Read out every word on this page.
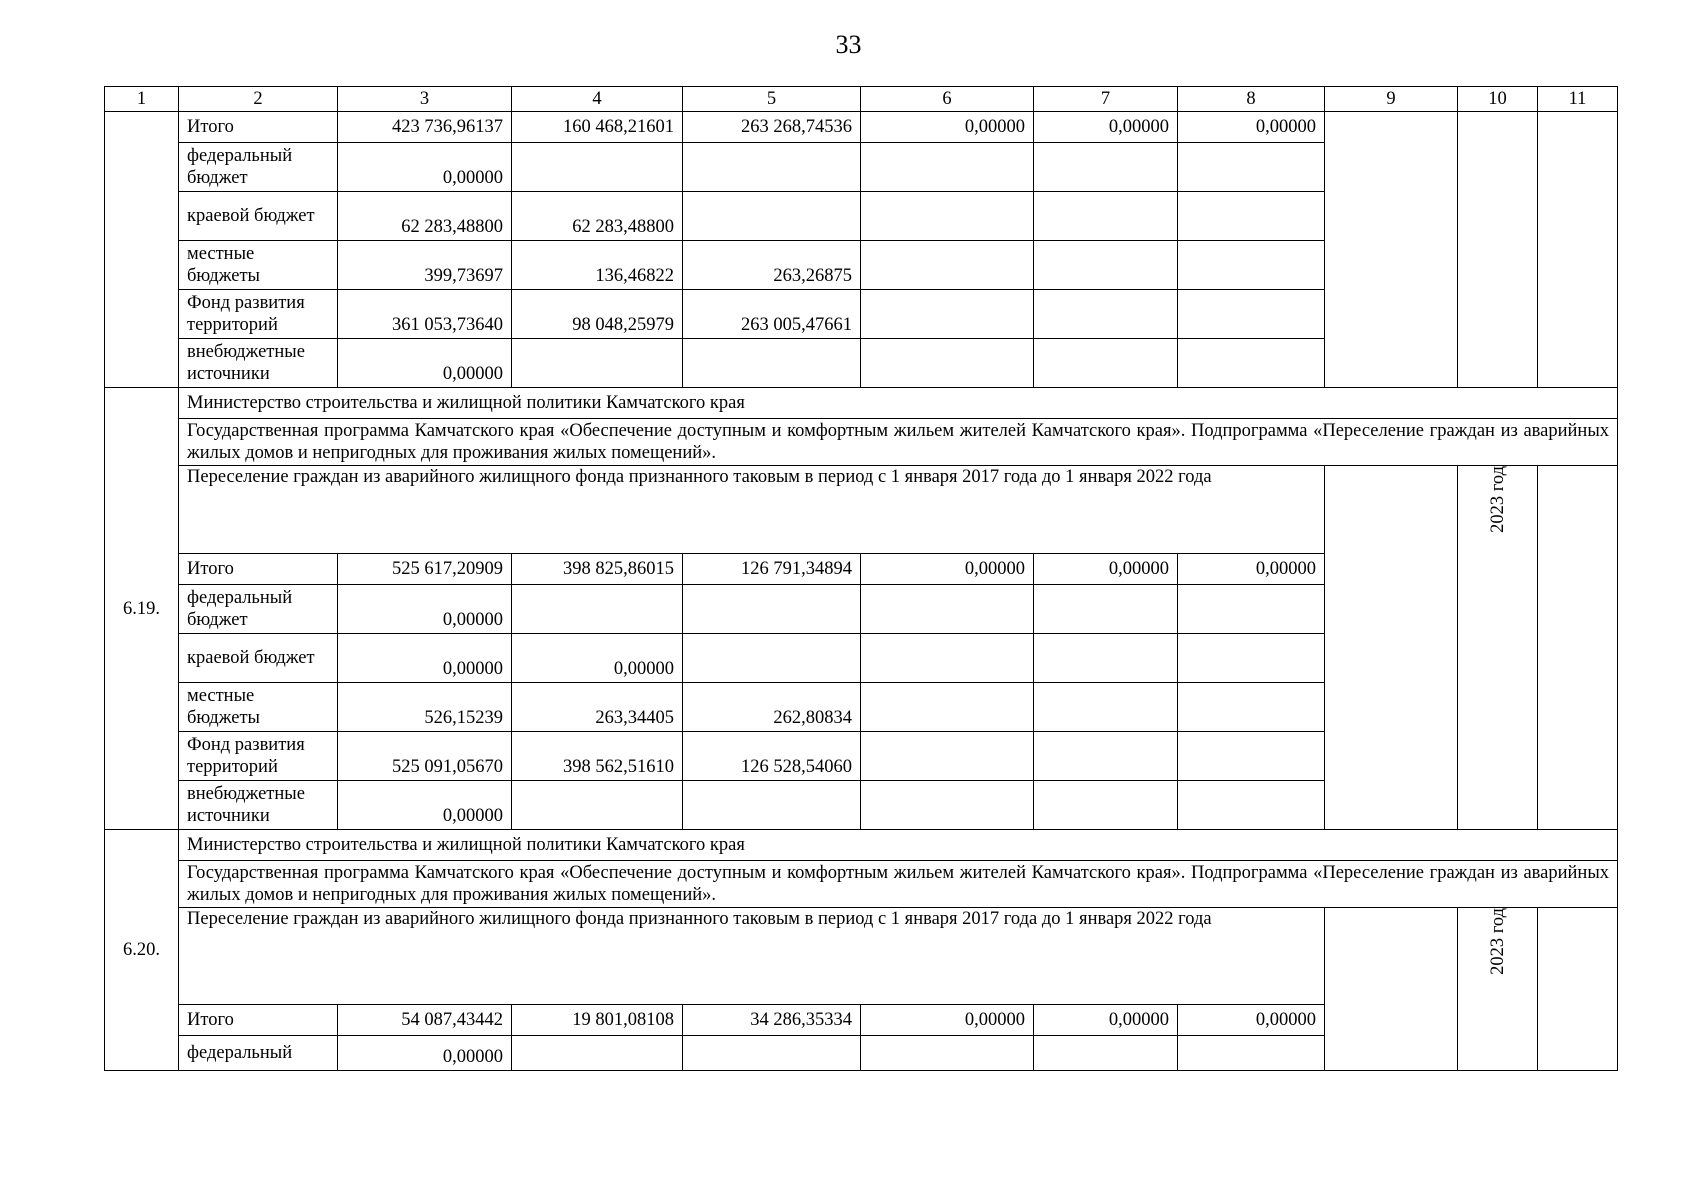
33
1	2	3	4	5	6	7	8	9	10	11
	Итого	423 736,96137	160 468,21601	263 268,74536	0,00000	0,00000	0,00000			
	федеральный бюджет	0,00000								
	краевой бюджет	62 283,48800	62 283,48800							
	местные бюджеты	399,73697	136,46822	263,26875						
	Фонд развития территорий	361 053,73640	98 048,25979	263 005,47661						
	внебюджетные источники	0,00000								
6.19.	Министерство строительства и жилищной политики Камчатского края									
	Государственная программа Камчатского края «Обеспечение доступным и комфортным жильем жителей Камчатского края». Подпрограмма «Переселение граждан из аварийных жилых домов и непригодных для проживания жилых помещений».									
	Переселение граждан из аварийного жилищного фонда признанного таковым в период с 1 января 2017 года до 1 января 2022 года								2023 год	
	Итого	525 617,20909	398 825,86015	126 791,34894	0,00000	0,00000	0,00000			
	федеральный бюджет	0,00000								
	краевой бюджет	0,00000	0,00000							
	местные бюджеты	526,15239	263,34405	262,80834						
	Фонд развития территорий	525 091,05670	398 562,51610	126 528,54060						
	внебюджетные источники	0,00000								
6.20.	Министерство строительства и жилищной политики Камчатского края									
	Государственная программа Камчатского края «Обеспечение доступным и комфортным жильем жителей Камчатского края». Подпрограмма «Переселение граждан из аварийных жилых домов и непригодных для проживания жилых помещений».									
	Переселение граждан из аварийного жилищного фонда признанного таковым в период с 1 января 2017 года до 1 января 2022 года								2023 год	
	Итого	54 087,43442	19 801,08108	34 286,35334	0,00000	0,00000	0,00000			
	федеральный	0,00000								
